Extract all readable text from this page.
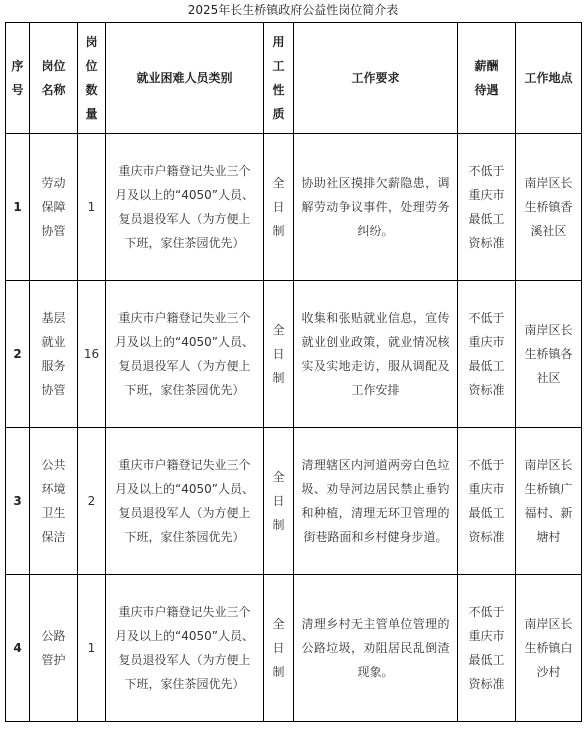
2025年长生桥镇政府公益性岗位简介表
序号	岗位名称	岗位数量	就业困难人员类别	用工性质	工作要求	薪酬待遇	工作地点

1	劳动保障协管	1	重庆市户籍登记失业三个月及以上的“4050”人员、复员退役军人（为方便上下班，家住茶园优先）	全日制	协助社区摸排欠薪隐患，调解劳动争议事件，处理劳务纠纷。	不低于重庆市最低工资标准	南岸区长生桥镇香溪社区

2	基层就业服务协管	16	重庆市户籍登记失业三个月及以上的“4050”人员、复员退役军人（为方便上下班，家住茶园优先）	全日制	收集和张贴就业信息，宣传就业创业政策，就业情况核实及实地走访，服从调配及工作安排	不低于重庆市最低工资标准	南岸区长生桥镇各社区

3	公共环境卫生保洁	2	重庆市户籍登记失业三个月及以上的“4050”人员、复员退役军人（为方便上下班，家住茶园优先）	全日制	清理辖区内河道两旁白色垃圾、劝导河边居民禁止垂钓和种植，清理无环卫管理的街巷路面和乡村健身步道。	不低于重庆市最低工资标准	南岸区长生桥镇广福村、新塘村

4	公路管护	1	重庆市户籍登记失业三个月及以上的“4050”人员、复员退役军人（为方便上下班，家住茶园优先）	全日制	清理乡村无主管单位管理的公路垃圾，劝阻居民乱倒渣现象。	不低于重庆市最低工资标准	南岸区长生桥镇白沙村
